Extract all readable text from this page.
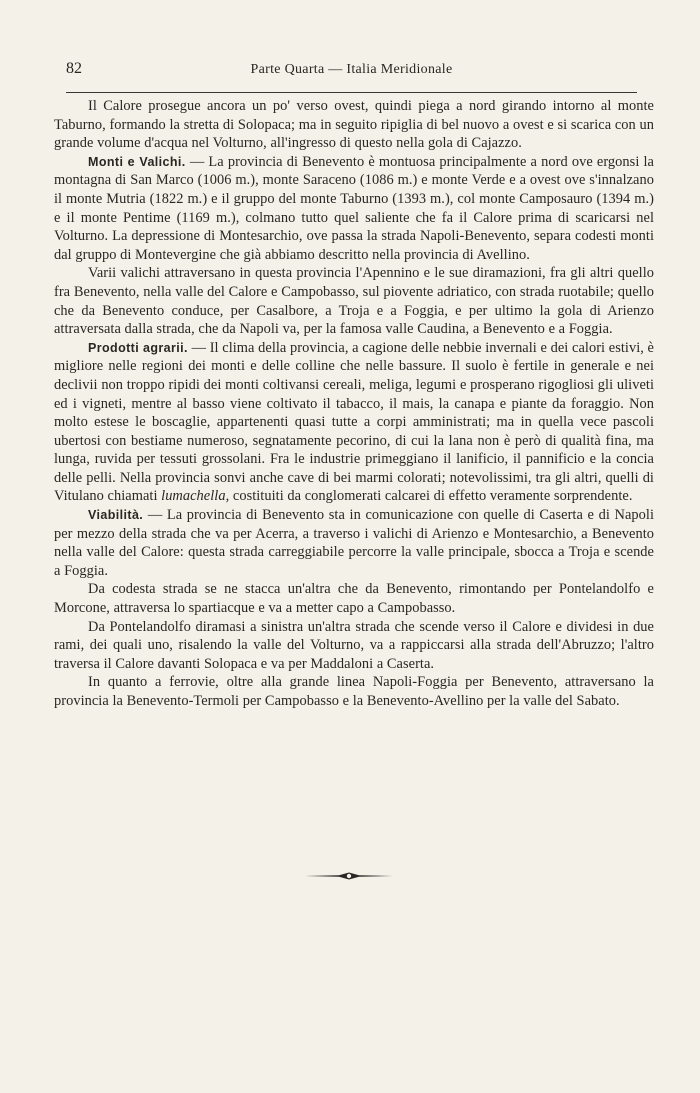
82	Parte Quarta — Italia Meridionale

Il Calore prosegue ancora un po' verso ovest, quindi piega a nord girando intorno al monte Taburno, formando la stretta di Solopaca; ma in seguito ripiglia di bel nuovo a ovest e si scarica con un grande volume d'acqua nel Volturno, all'ingresso di questo nella gola di Cajazzo.

Monti e Valichi. — La provincia di Benevento è montuosa principalmente a nord ove ergonsi la montagna di San Marco (1006 m.), monte Saraceno (1086 m.) e monte Verde e a ovest ove s'innalzano il monte Mutria (1822 m.) e il gruppo del monte Taburno (1393 m.), col monte Camposauro (1394 m.) e il monte Pentime (1169 m.), colmano tutto quel saliente che fa il Calore prima di scaricarsi nel Volturno. La depressione di Montesarchio, ove passa la strada Napoli-Benevento, separa codesti monti dal gruppo di Montevergine che già abbiamo descritto nella provincia di Avellino.

Varii valichi attraversano in questa provincia l'Apennino e le sue diramazioni, fra gli altri quello fra Benevento, nella valle del Calore e Campobasso, sul piovente adriatico, con strada ruotabile; quello che da Benevento conduce, per Casalbore, a Troja e a Foggia, e per ultimo la gola di Arienzo attraversata dalla strada, che da Napoli va, per la famosa valle Caudina, a Benevento e a Foggia.

Prodotti agrarii. — Il clima della provincia, a cagione delle nebbie invernali e dei calori estivi, è migliore nelle regioni dei monti e delle colline che nelle bassure. Il suolo è fertile in generale e nei declivii non troppo ripidi dei monti coltivansi cereali, meliga, legumi e prosperano rigogliosi gli uliveti ed i vigneti, mentre al basso viene coltivato il tabacco, il mais, la canapa e piante da foraggio. Non molto estese le boscaglie, appartenenti quasi tutte a corpi amministrati; ma in quella vece pascoli ubertosi con bestiame numeroso, segnatamente pecorino, di cui la lana non è però di qualità fina, ma lunga, ruvida per tessuti grossolani. Fra le industrie primeggiano il lanificio, il pannificio e la concia delle pelli. Nella provincia sonvi anche cave di bei marmi colorati; notevolissimi, tra gli altri, quelli di Vitulano chiamati lumachella, costituiti da conglomerati calcarei di effetto veramente sorprendente.

Viabilità. — La provincia di Benevento sta in comunicazione con quelle di Caserta e di Napoli per mezzo della strada che va per Acerra, a traverso i valichi di Arienzo e Montesarchio, a Benevento nella valle del Calore: questa strada carreggiabile percorre la valle principale, sbocca a Troja e scende a Foggia.

Da codesta strada se ne stacca un'altra che da Benevento, rimontando per Pontelandolfo e Morcone, attraversa lo spartiacque e va a metter capo a Campobasso.

Da Pontelandolfo diramasi a sinistra un'altra strada che scende verso il Calore e dividesi in due rami, dei quali uno, risalendo la valle del Volturno, va a rappiccarsi alla strada dell'Abruzzo; l'altro traversa il Calore davanti Solopaca e va per Maddaloni a Caserta.

In quanto a ferrovie, oltre alla grande linea Napoli-Foggia per Benevento, attraversano la provincia la Benevento-Termoli per Campobasso e la Benevento-Avellino per la valle del Sabato.
